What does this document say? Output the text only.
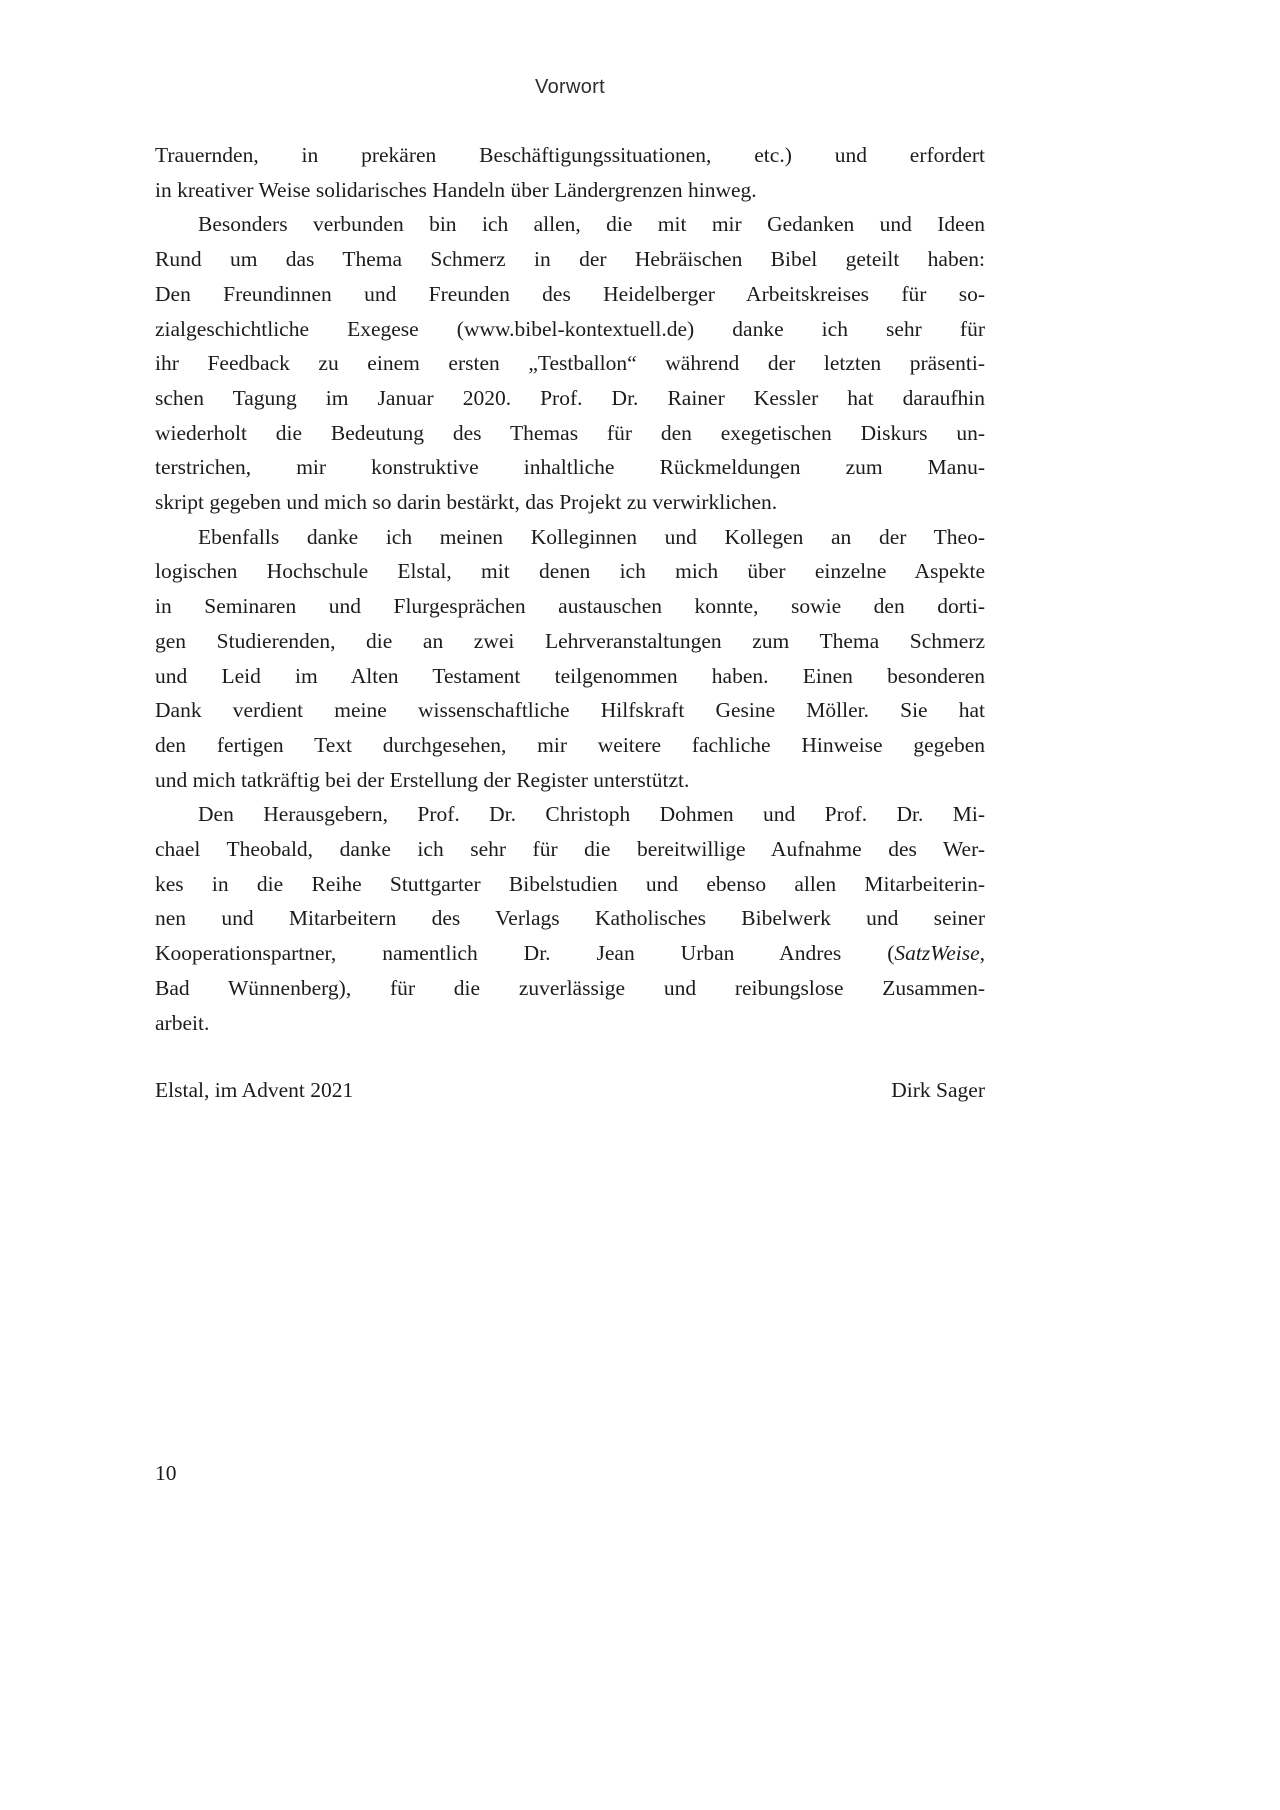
Vorwort
Trauernden, in prekären Beschäftigungssituationen, etc.) und erfordert
in kreativer Weise solidarisches Handeln über Ländergrenzen hinweg.
Besonders verbunden bin ich allen, die mit mir Gedanken und Ideen
Rund um das Thema Schmerz in der Hebräischen Bibel geteilt haben:
Den Freundinnen und Freunden des Heidelberger Arbeitskreises für so-
zialgeschichtliche Exegese (www.bibel-kontextuell.de) danke ich sehr für
ihr Feedback zu einem ersten „Testballon“ während der letzten präsenti-
schen Tagung im Januar 2020. Prof. Dr. Rainer Kessler hat daraufhin
wiederholt die Bedeutung des Themas für den exegetischen Diskurs un-
terstrichen, mir konstruktive inhaltliche Rückmeldungen zum Manu-
skript gegeben und mich so darin bestärkt, das Projekt zu verwirklichen.
Ebenfalls danke ich meinen Kolleginnen und Kollegen an der Theo-
logischen Hochschule Elstal, mit denen ich mich über einzelne Aspekte
in Seminaren und Flurgesprächen austauschen konnte, sowie den dorti-
gen Studierenden, die an zwei Lehrveranstaltungen zum Thema Schmerz
und Leid im Alten Testament teilgenommen haben. Einen besonderen
Dank verdient meine wissenschaftliche Hilfskraft Gesine Möller. Sie hat
den fertigen Text durchgesehen, mir weitere fachliche Hinweise gegeben
und mich tatkräftig bei der Erstellung der Register unterstützt.
Den Herausgebern, Prof. Dr. Christoph Dohmen und Prof. Dr. Mi-
chael Theobald, danke ich sehr für die bereitwillige Aufnahme des Wer-
kes in die Reihe Stuttgarter Bibelstudien und ebenso allen Mitarbeiterin-
nen und Mitarbeitern des Verlags Katholisches Bibelwerk und seiner
Kooperationspartner, namentlich Dr. Jean Urban Andres (SatzWeise,
Bad Wünnenberg), für die zuverlässige und reibungslose Zusammen-
arbeit.
Elstal, im Advent 2021	Dirk Sager
10
